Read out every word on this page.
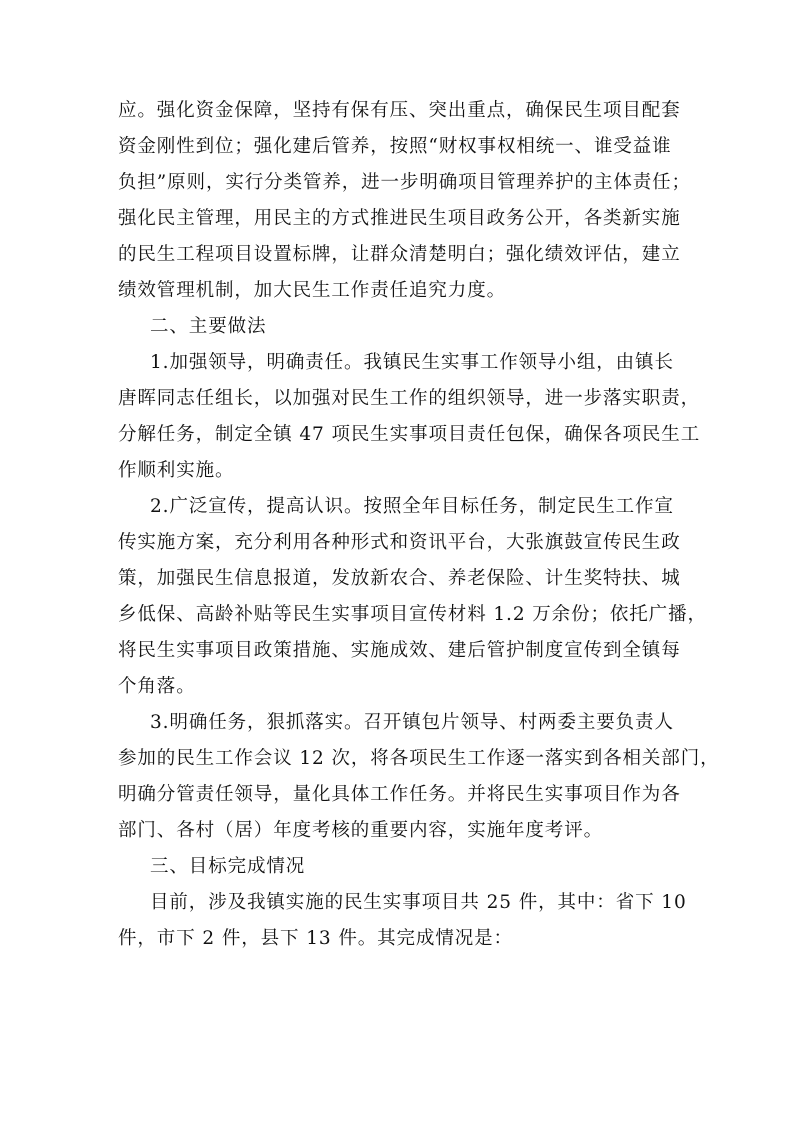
应。强化资金保障，坚持有保有压、突出重点，确保民生项目配套
资金刚性到位；强化建后管养，按照“财权事权相统一、谁受益谁
负担”原则，实行分类管养，进一步明确项目管理养护的主体责任；
强化民主管理，用民主的方式推进民生项目政务公开，各类新实施
的民生工程项目设置标牌，让群众清楚明白；强化绩效评估，建立
绩效管理机制，加大民生工作责任追究力度。
二、主要做法
1.加强领导，明确责任。我镇民生实事工作领导小组，由镇长
唐晖同志任组长，以加强对民生工作的组织领导，进一步落实职责，
分解任务，制定全镇 47 项民生实事项目责任包保，确保各项民生工
作顺利实施。
2.广泛宣传，提高认识。按照全年目标任务，制定民生工作宣
传实施方案，充分利用各种形式和资讯平台，大张旗鼓宣传民生政
策，加强民生信息报道，发放新农合、养老保险、计生奖特扶、城
乡低保、高龄补贴等民生实事项目宣传材料 1.2 万余份；依托广播，
将民生实事项目政策措施、实施成效、建后管护制度宣传到全镇每
个角落。
3.明确任务，狠抓落实。召开镇包片领导、村两委主要负责人
参加的民生工作会议 12 次，将各项民生工作逐一落实到各相关部门，
明确分管责任领导，量化具体工作任务。并将民生实事项目作为各
部门、各村（居）年度考核的重要内容，实施年度考评。
三、目标完成情况
目前，涉及我镇实施的民生实事项目共 25 件，其中：省下 10
件，市下 2 件，县下 13 件。其完成情况是：
